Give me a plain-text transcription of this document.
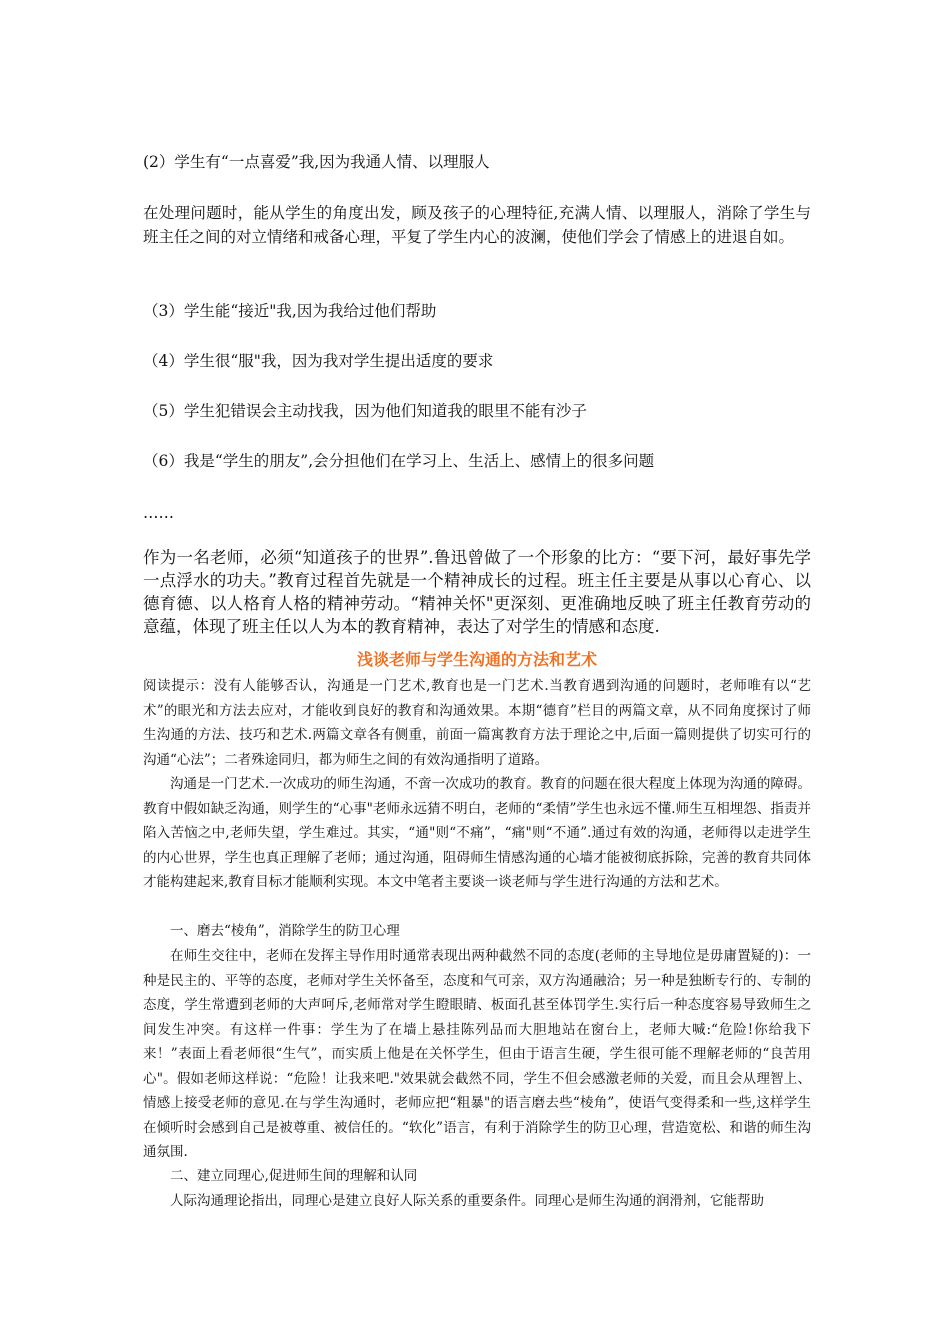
(2）学生有“一点喜爱”我,因为我通人情、以理服人

在处理问题时，能从学生的角度出发，顾及孩子的心理特征,充满人情、以理服人，消除了学生与班主任之间的对立情绪和戒备心理，平复了学生内心的波澜，使他们学会了情感上的进退自如。

（3）学生能“接近"我,因为我给过他们帮助

（4）学生很“服"我，因为我对学生提出适度的要求

（5）学生犯错误会主动找我，因为他们知道我的眼里不能有沙子

（6）我是“学生的朋友”,会分担他们在学习上、生活上、感情上的很多问题

……

作为一名老师，必须“知道孩子的世界”.鲁迅曾做了一个形象的比方：“要下河，最好事先学一点浮水的功夫。”教育过程首先就是一个精神成长的过程。班主任主要是从事以心育心、以德育德、以人格育人格的精神劳动。“精神关怀"更深刻、更准确地反映了班主任教育劳动的意蕴，体现了班主任以人为本的教育精神，表达了对学生的情感和态度.

浅谈老师与学生沟通的方法和艺术

阅读提示：没有人能够否认，沟通是一门艺术,教育也是一门艺术.当教育遇到沟通的问题时，老师唯有以“艺术”的眼光和方法去应对，才能收到良好的教育和沟通效果。本期“德育”栏目的两篇文章，从不同角度探讨了师生沟通的方法、技巧和艺术.两篇文章各有侧重，前面一篇寓教育方法于理论之中,后面一篇则提供了切实可行的沟通“心法”；二者殊途同归，都为师生之间的有效沟通指明了道路。

沟通是一门艺术.一次成功的师生沟通，不啻一次成功的教育。教育的问题在很大程度上体现为沟通的障碍。教育中假如缺乏沟通，则学生的“心事"老师永远猜不明白，老师的“柔情”学生也永远不懂.师生互相埋怨、指责并陷入苦恼之中,老师失望，学生难过。其实，“通"则“不痛”，“痛"则“不通”.通过有效的沟通，老师得以走进学生的内心世界，学生也真正理解了老师；通过沟通，阻碍师生情感沟通的心墙才能被彻底拆除，完善的教育共同体才能构建起来,教育目标才能顺利实现。本文中笔者主要谈一谈老师与学生进行沟通的方法和艺术。

一、磨去“棱角”，消除学生的防卫心理

在师生交往中，老师在发挥主导作用时通常表现出两种截然不同的态度(老师的主导地位是毋庸置疑的)：一种是民主的、平等的态度，老师对学生关怀备至，态度和气可亲，双方沟通融洽；另一种是独断专行的、专制的态度，学生常遭到老师的大声呵斥,老师常对学生瞪眼睛、板面孔甚至体罚学生.实行后一种态度容易导致师生之间发生冲突。有这样一件事：学生为了在墙上悬挂陈列品而大胆地站在窗台上，老师大喊:“危险!你给我下来！”表面上看老师很“生气”，而实质上他是在关怀学生，但由于语言生硬，学生很可能不理解老师的“良苦用心"。假如老师这样说：“危险！让我来吧."效果就会截然不同，学生不但会感激老师的关爱，而且会从理智上、情感上接受老师的意见.在与学生沟通时，老师应把“粗暴"的语言磨去些“棱角”，使语气变得柔和一些,这样学生在倾听时会感到自己是被尊重、被信任的。“软化”语言，有利于消除学生的防卫心理，营造宽松、和谐的师生沟通氛围.

二、建立同理心,促进师生间的理解和认同

人际沟通理论指出，同理心是建立良好人际关系的重要条件。同理心是师生沟通的润滑剂，它能帮助
